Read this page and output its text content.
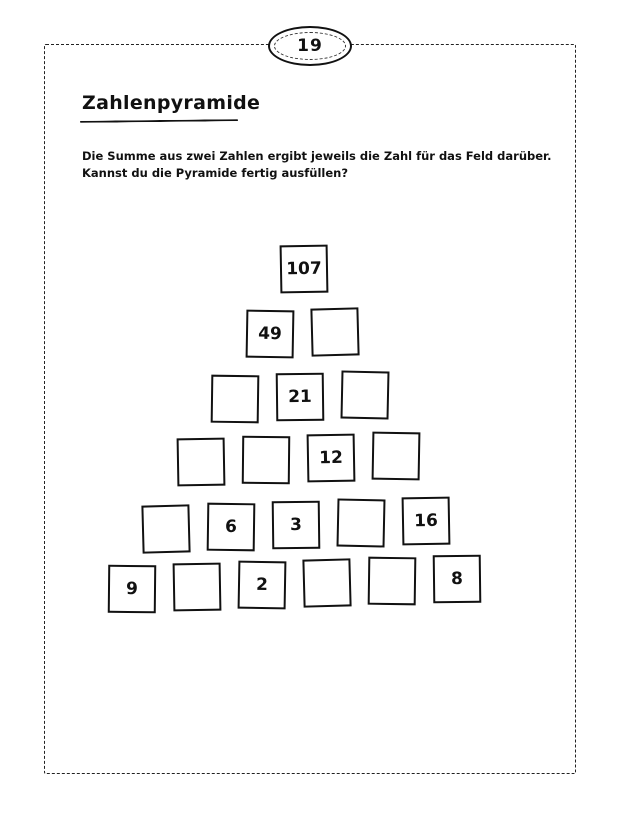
19
Zahlenpyramide
Die Summe aus zwei Zahlen ergibt jeweils die Zahl für das Feld darüber.
Kannst du die Pyramide fertig ausfüllen?
107
49
21
12
6	3	16
9	2	8
